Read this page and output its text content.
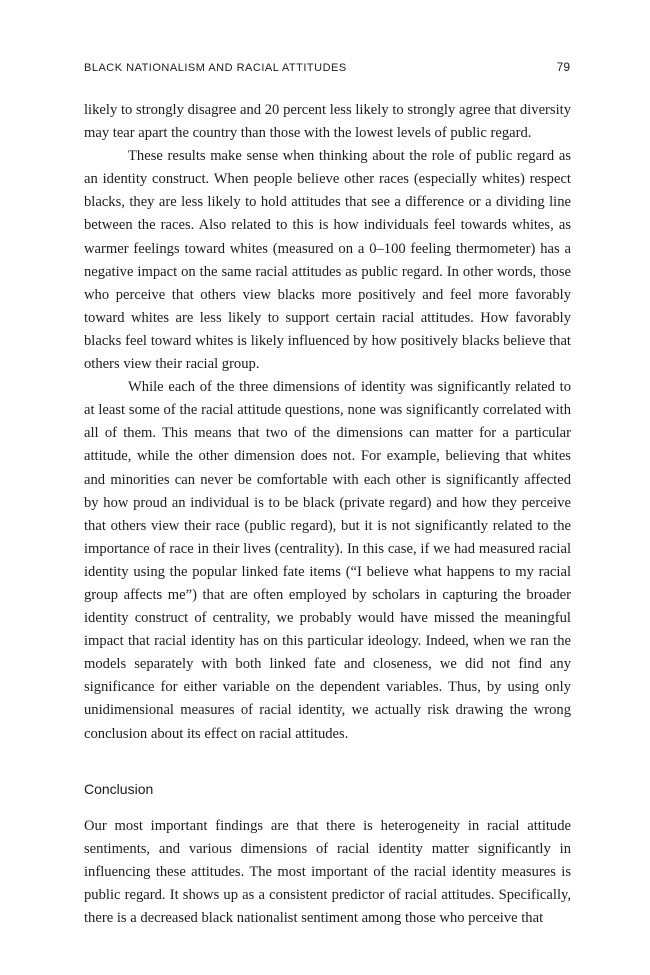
BLACK NATIONALISM AND RACIAL ATTITUDES	79

likely to strongly disagree and 20 percent less likely to strongly agree that diversity may tear apart the country than those with the lowest levels of public regard.

These results make sense when thinking about the role of public regard as an identity construct. When people believe other races (especially whites) respect blacks, they are less likely to hold attitudes that see a difference or a dividing line between the races. Also related to this is how individuals feel towards whites, as warmer feelings toward whites (measured on a 0–100 feeling thermometer) has a negative impact on the same racial attitudes as public regard. In other words, those who perceive that others view blacks more positively and feel more favorably toward whites are less likely to support certain racial attitudes. How favorably blacks feel toward whites is likely influenced by how positively blacks believe that others view their racial group.

While each of the three dimensions of identity was significantly related to at least some of the racial attitude questions, none was significantly correlated with all of them. This means that two of the dimensions can matter for a particular attitude, while the other dimension does not. For example, believing that whites and minorities can never be comfortable with each other is significantly affected by how proud an individual is to be black (private regard) and how they perceive that others view their race (public regard), but it is not significantly related to the importance of race in their lives (centrality). In this case, if we had measured racial identity using the popular linked fate items (“I believe what happens to my racial group affects me”) that are often employed by scholars in capturing the broader identity construct of centrality, we probably would have missed the meaningful impact that racial identity has on this particular ideology. Indeed, when we ran the models separately with both linked fate and closeness, we did not find any significance for either variable on the dependent variables. Thus, by using only unidimensional measures of racial identity, we actually risk drawing the wrong conclusion about its effect on racial attitudes.

Conclusion

Our most important findings are that there is heterogeneity in racial attitude sentiments, and various dimensions of racial identity matter significantly in influencing these attitudes. The most important of the racial identity measures is public regard. It shows up as a consistent predictor of racial attitudes. Specifically, there is a decreased black nationalist sentiment among those who perceive that
